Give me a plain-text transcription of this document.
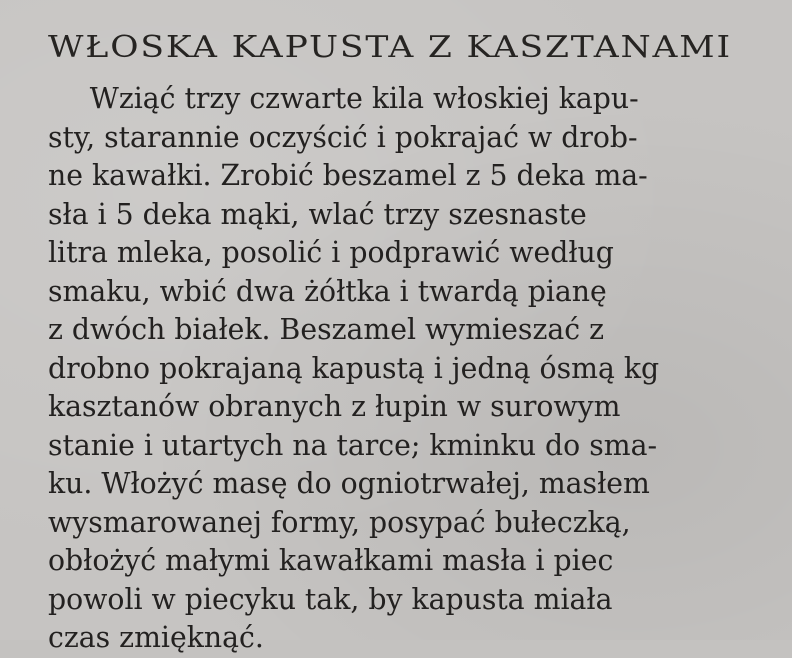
WŁOSKA KAPUSTA Z KASZTANAMI
Wziąć trzy czwarte kila włoskiej kapu-
sty, starannie oczyścić i pokrajać w drob-
ne kawałki. Zrobić beszamel z 5 deka ma-
sła i 5 deka mąki, wlać trzy szesnaste
litra mleka, posolić i podprawić według
smaku, wbić dwa żółtka i twardą pianę
z dwóch białek. Beszamel wymieszać z
drobno pokrajaną kapustą i jedną ósmą kg
kasztanów obranych z łupin w surowym
stanie i utartych na tarce; kminku do sma-
ku. Włożyć masę do ogniotrwałej, masłem
wysmarowanej formy, posypać bułeczką,
obłożyć małymi kawałkami masła i piec
powoli w piecyku tak, by kapusta miała
czas zmięknąć.
